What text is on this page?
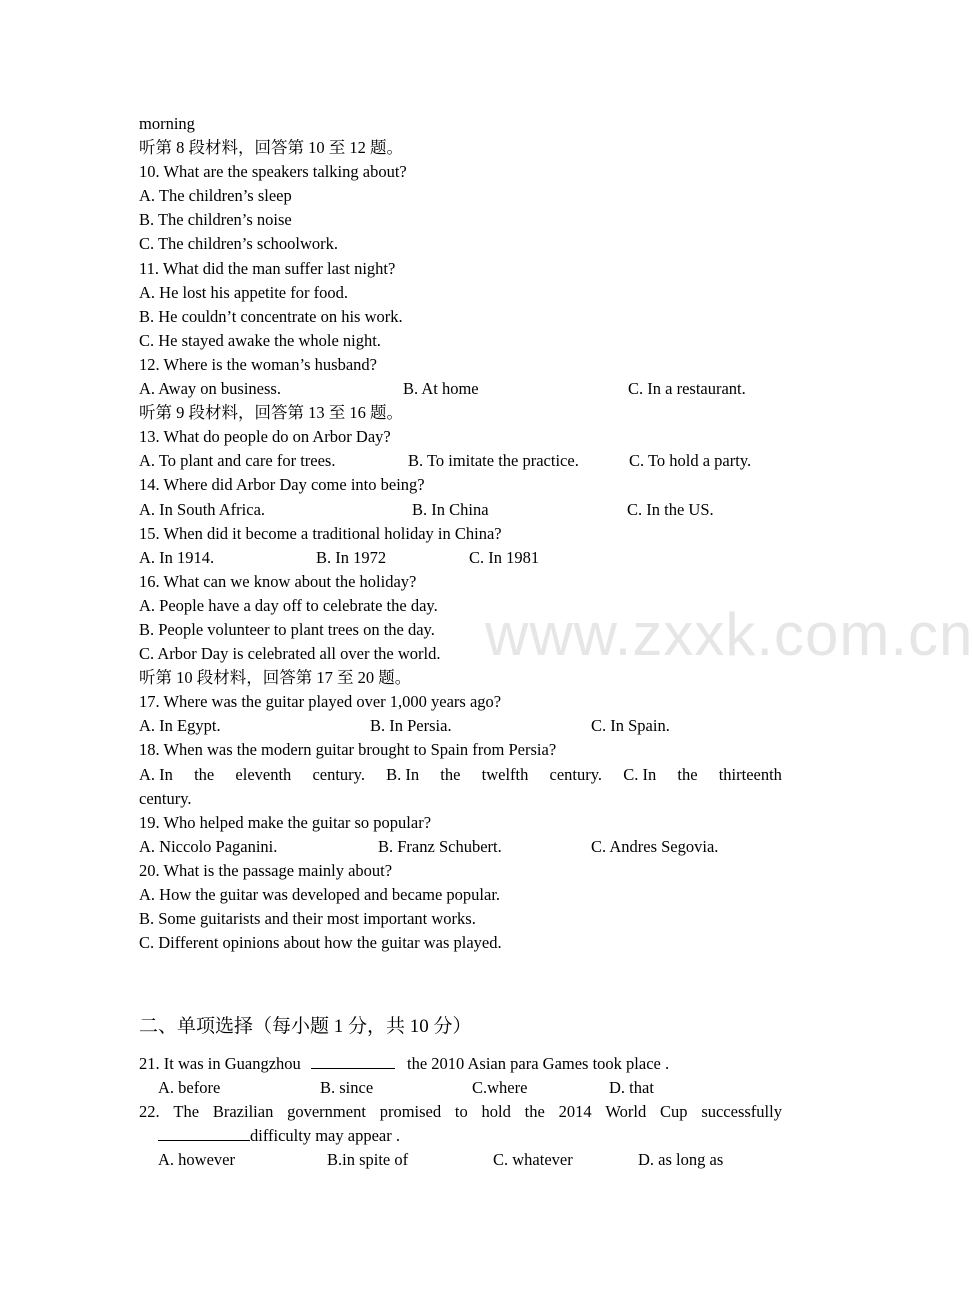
www.zxxk.com.cn
morning
听第 8 段材料，回答第 10 至 12 题。
10. What are the speakers talking about?
A. The children’s sleep
B. The children’s noise
C. The children’s schoolwork.
11. What did the man suffer last night?
A. He lost his appetite for food.
B. He couldn’t concentrate on his work.
C. He stayed awake the whole night.
12. Where is the woman’s husband?
A. Away on business.	B. At home	C. In a restaurant.
听第 9 段材料，回答第 13 至 16 题。
13. What do people do on Arbor Day?
A. To plant and care for trees.	B. To imitate the practice.	C. To hold a party.
14. Where did Arbor Day come into being?
A. In South Africa.	B. In China	C. In the US.
15. When did it become a traditional holiday in China?
A. In 1914.	B. In 1972	C. In 1981
16. What can we know about the holiday?
A. People have a day off to celebrate the day.
B. People volunteer to plant trees on the day.
C. Arbor Day is celebrated all over the world.
听第 10 段材料，回答第 17 至 20 题。
17. Where was the guitar played over 1,000 years ago?
A. In Egypt.	B. In Persia.	C. In Spain.
18. When was the modern guitar brought to Spain from Persia?
A. In the eleventh century. B. In the twelfth century. C. In the thirteenth
century.
19. Who helped make the guitar so popular?
A. Niccolo Paganini.	B. Franz Schubert.	C. Andres Segovia.
20. What is the passage mainly about?
A. How the guitar was developed and became popular.
B. Some guitarists and their most important works.
C. Different opinions about how the guitar was played.
二、单项选择（每小题 1 分，共 10 分）
21. It was in Guangzhou	the 2010 Asian para Games took place .
A. before	B. since	C.where	D. that
22. The Brazilian government promised to hold the 2014 World Cup successfully
difficulty may appear .
A. however	B.in spite of	C. whatever	D. as long as
